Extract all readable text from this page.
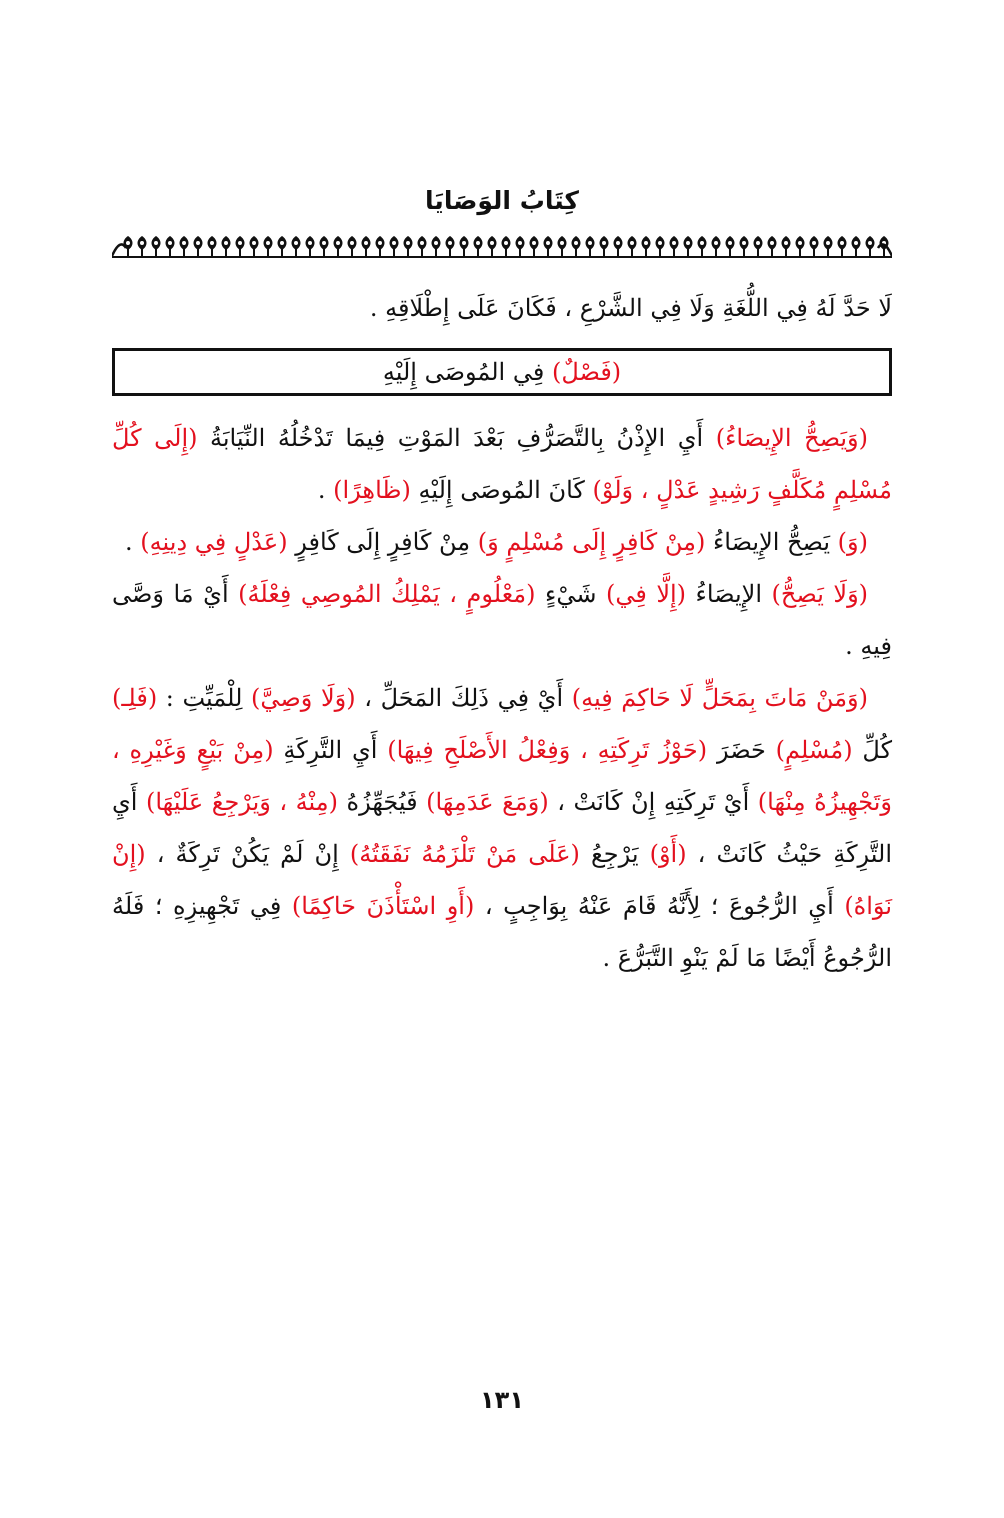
كِتَابُ الوَصَايَا

لَا حَدَّ لَهُ فِي اللُّغَةِ وَلَا فِي الشَّرْعِ ، فَكَانَ عَلَى إِطْلَاقِهِ .

(فَصْلٌ)

فِي المُوصَى إِلَيْهِ

 (وَيَصِحُّ الإِيصَاءُ) أَيِ الإِذْنُ بِالتَّصَرُّفِ بَعْدَ المَوْتِ فِيمَا تَدْخُلُهُ النِّيَابَةُ (إِلَى كُلِّ مُسْلِمٍ مُكَلَّفٍ رَشِيدٍ عَدْلٍ ، وَلَوْ) كَانَ المُوصَى إِلَيْهِ (ظَاهِرًا) .

 (وَ) يَصِحُّ الإِيصَاءُ (مِنْ كَافِرٍ إِلَى مُسْلِمٍ وَ) مِنْ كَافِرٍ إِلَى كَافِرٍ (عَدْلٍ فِي دِينِهِ) .

 (وَلَا يَصِحُّ) الإِيصَاءُ (إِلَّا فِي) شَيْءٍ (مَعْلُومٍ ، يَمْلِكُ المُوصِي فِعْلَهُ) أَيْ مَا وَصَّى فِيهِ .

 (وَمَنْ مَاتَ بِمَحَلٍّ لَا حَاكِمَ فِيهِ) أَيْ فِي ذَلِكَ المَحَلِّ ، (وَلَا وَصِيَّ) لِلْمَيِّتِ : (فَلِـ) كُلِّ (مُسْلِمٍ) حَضَرَ (حَوْزُ تَرِكَتِهِ ، وَفِعْلُ الأَصْلَحِ فِيهَا) أَيِ التَّرِكَةِ (مِنْ بَيْعٍ وَغَيْرِهِ ، وَتَجْهِيزُهُ مِنْهَا) أَيْ تَرِكَتِهِ إِنْ كَانَتْ ، (وَمَعَ عَدَمِهَا) فَيُجَهِّزُهُ (مِنْهُ ، وَيَرْجِعُ عَلَيْهَا) أَيِ التَّرِكَةِ حَيْثُ كَانَتْ ، (أَوْ) يَرْجِعُ (عَلَى مَنْ تَلْزَمُهُ نَفَقَتُهُ) إِنْ لَمْ يَكُنْ تَرِكَةٌ ، (إِنْ نَوَاهُ) أَيِ الرُّجُوعَ ؛ لِأَنَّهُ قَامَ عَنْهُ بِوَاجِبٍ ، (أَوِ اسْتَأْذَنَ حَاكِمًا) فِي تَجْهِيزِهِ ؛ فَلَهُ الرُّجُوعُ أَيْضًا مَا لَمْ يَنْوِ التَّبَرُّعَ .

١٣١
